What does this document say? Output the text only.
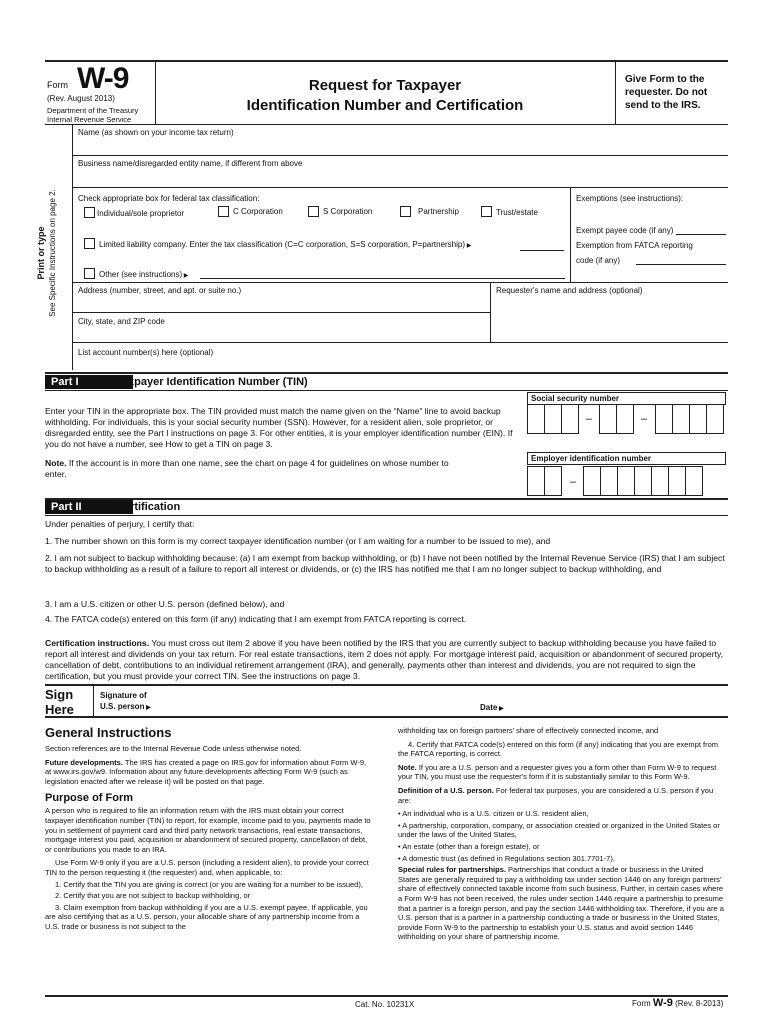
Form W-9
(Rev. August 2013)
Department of the Treasury
Internal Revenue Service
Request for Taxpayer
Identification Number and Certification
Give Form to the requester. Do not send to the IRS.
Print or type See Specific Instructions on page 2.
Name (as shown on your income tax return)
Business name/disregarded entity name, if different from above
Check appropriate box for federal tax classification:
Individual/sole proprietor	C Corporation	S Corporation	Partnership	Trust/estate
Limited liability company. Enter the tax classification (C=C corporation, S=S corporation, P=partnership) ▶
Other (see instructions) ▶
Exemptions (see instructions):
Exempt payee code (if any)
Exemption from FATCA reporting
code (if any)
Address (number, street, and apt. or suite no.)	Requester's name and address (optional)
City, state, and ZIP code
List account number(s) here (optional)
Part I	Taxpayer Identification Number (TIN)
Enter your TIN in the appropriate box. The TIN provided must match the name given on the “Name” line to avoid backup withholding. For individuals, this is your social security number (SSN). However, for a resident alien, sole proprietor, or disregarded entity, see the Part I instructions on page 3. For other entities, it is your employer identification number (EIN). If you do not have a number, see How to get a TIN on page 3.
Note. If the account is in more than one name, see the chart on page 4 for guidelines on whose number to enter.
Social security number
–	–
Employer identification number
–
Part II	Certification
Under penalties of perjury, I certify that:
1. The number shown on this form is my correct taxpayer identification number (or I am waiting for a number to be issued to me), and
2. I am not subject to backup withholding because: (a) I am exempt from backup withholding, or (b) I have not been notified by the Internal Revenue Service (IRS) that I am subject to backup withholding as a result of a failure to report all interest or dividends, or (c) the IRS has notified me that I am no longer subject to backup withholding, and
3. I am a U.S. citizen or other U.S. person (defined below), and
4. The FATCA code(s) entered on this form (if any) indicating that I am exempt from FATCA reporting is correct.
Certification instructions. You must cross out item 2 above if you have been notified by the IRS that you are currently subject to backup withholding because you have failed to report all interest and dividends on your tax return. For real estate transactions, item 2 does not apply. For mortgage interest paid, acquisition or abandonment of secured property, cancellation of debt, contributions to an individual retirement arrangement (IRA), and generally, payments other than interest and dividends, you are not required to sign the certification, but you must provide your correct TIN. See the instructions on page 3.
Sign
Here
Signature of
U.S. person ▶	Date ▶
General Instructions

Section references are to the Internal Revenue Code unless otherwise noted.

Future developments. The IRS has created a page on IRS.gov for information about Form W-9, at www.irs.gov/w9. Information about any future developments affecting Form W-9 (such as legislation enacted after we release it) will be posted on that page.

Purpose of Form

A person who is required to file an information return with the IRS must obtain your correct taxpayer identification number (TIN) to report, for example, income paid to you, payments made to you in settlement of payment card and third party network transactions, real estate transactions, mortgage interest you paid, acquisition or abandonment of secured property, cancellation of debt, or contributions you made to an IRA.

Use Form W-9 only if you are a U.S. person (including a resident alien), to provide your correct TIN to the person requesting it (the requester) and, when applicable, to:

1. Certify that the TIN you are giving is correct (or you are waiting for a number to be issued),

2. Certify that you are not subject to backup withholding, or

3. Claim exemption from backup withholding if you are a U.S. exempt payee. If applicable, you are also certifying that as a U.S. person, your allocable share of any partnership income from a U.S. trade or business is not subject to the

withholding tax on foreign partners' share of effectively connected income, and

4. Certify that FATCA code(s) entered on this form (if any) indicating that you are exempt from the FATCA reporting, is correct.

Note. If you are a U.S. person and a requester gives you a form other than Form W-9 to request your TIN, you must use the requester's form if it is substantially similar to this Form W-9.

Definition of a U.S. person. For federal tax purposes, you are considered a U.S. person if you are:

• An individual who is a U.S. citizen or U.S. resident alien,

• A partnership, corporation, company, or association created or organized in the United States or under the laws of the United States,

• An estate (other than a foreign estate), or

• A domestic trust (as defined in Regulations section 301.7701-7).

Special rules for partnerships. Partnerships that conduct a trade or business in the United States are generally required to pay a withholding tax under section 1446 on any foreign partners' share of effectively connected taxable income from such business. Further, in certain cases where a Form W-9 has not been received, the rules under section 1446 require a partnership to presume that a partner is a foreign person, and pay the section 1446 withholding tax. Therefore, if you are a U.S. person that is a partner in a partnership conducting a trade or business in the United States, provide Form W-9 to the partnership to establish your U.S. status and avoid section 1446 withholding on your share of partnership income.

Cat. No. 10231X	Form W-9 (Rev. 8-2013)
